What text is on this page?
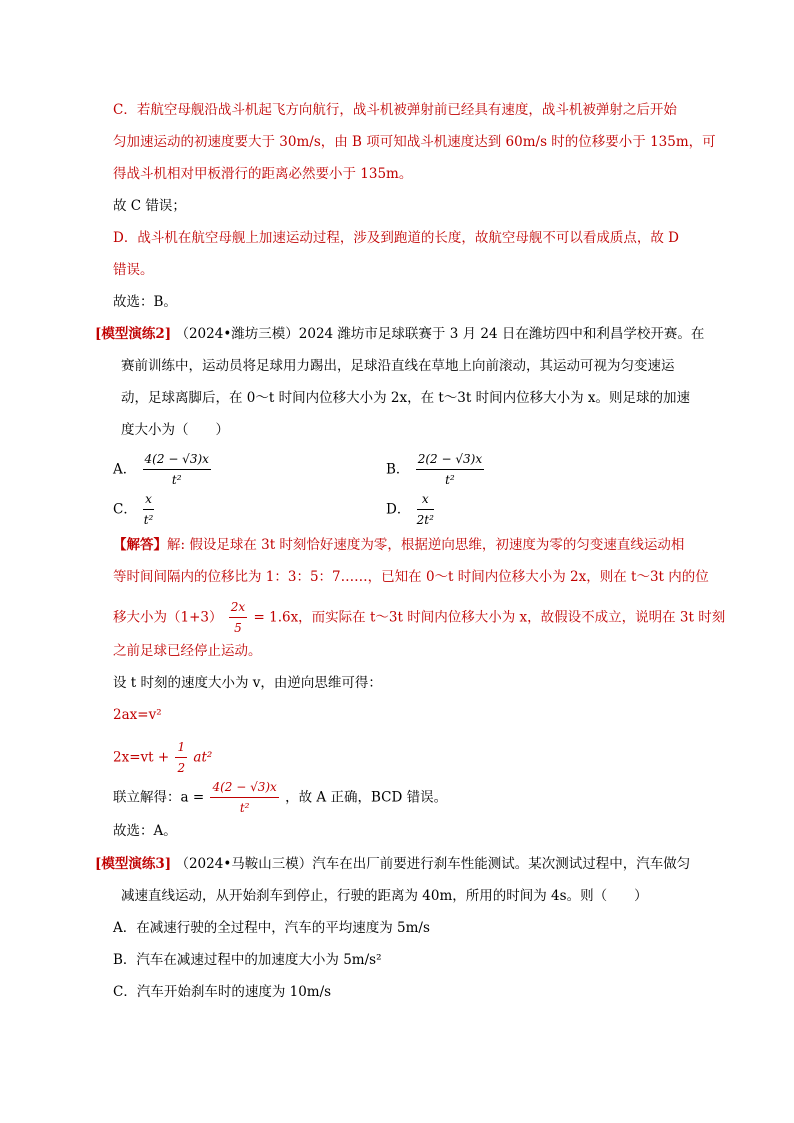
C．若航空母舰沿战斗机起飞方向航行，战斗机被弹射前已经具有速度，战斗机被弹射之后开始
匀加速运动的初速度要大于 30m/s，由 B 项可知战斗机速度达到 60m/s 时的位移要小于 135m，可
得战斗机相对甲板滑行的距离必然要小于 135m。
故 C 错误；
D．战斗机在航空母舰上加速运动过程，涉及到跑道的长度，故航空母舰不可以看成质点，故 D
错误。
故选：B。
[模型演练2] （2024•潍坊三模）2024 潍坊市足球联赛于 3 月 24 日在潍坊四中和利昌学校开赛。在
赛前训练中，运动员将足球用力踢出，足球沿直线在草地上向前滚动，其运动可视为匀变速运
动，足球离脚后，在 0～t 时间内位移大小为 2x，在 t～3t 时间内位移大小为 x。则足球的加速
度大小为（　　）
A． $\frac{4(2 - √3)x}{\text{t²}}$	B． $\frac{2(2 - √3)x}{\text{t²}}$
C． $\frac{x}{\text{t²}}$	D． $\frac{x}{\text{2t²}}$
【解答】解: 假设足球在 3t 时刻恰好速度为零，根据逆向思维，初速度为零的匀变速直线运动相
等时间间隔内的位移比为 1：3：5：7……，已知在 0～t 时间内位移大小为 2x，则在 t～3t 内的位
移大小为$(1+3) \frac{2x}{5} = 1.6x$，而实际在 t～3t 时间内位移大小为 x，故假设不成立，说明在 3t 时刻
之前足球已经停止运动。
设 t 时刻的速度大小为 v，由逆向思维可得：
2ax=v²
$2x=vt + \frac{1}{2} at^2$
联立解得：$a = \frac{4(2 - √3)x}{\text{t²}}$ ，故 A 正确，BCD 错误。
故选：A。
[模型演练3] （2024•马鞍山三模）汽车在出厂前要进行刹车性能测试。某次测试过程中，汽车做匀
减速直线运动，从开始刹车到停止，行驶的距离为 40m，所用的时间为 4s。则（　　）
A．在减速行驶的全过程中，汽车的平均速度为 5m/s
B．汽车在减速过程中的加速度大小为 5m/s²
C．汽车开始刹车时的速度为 10m/s
